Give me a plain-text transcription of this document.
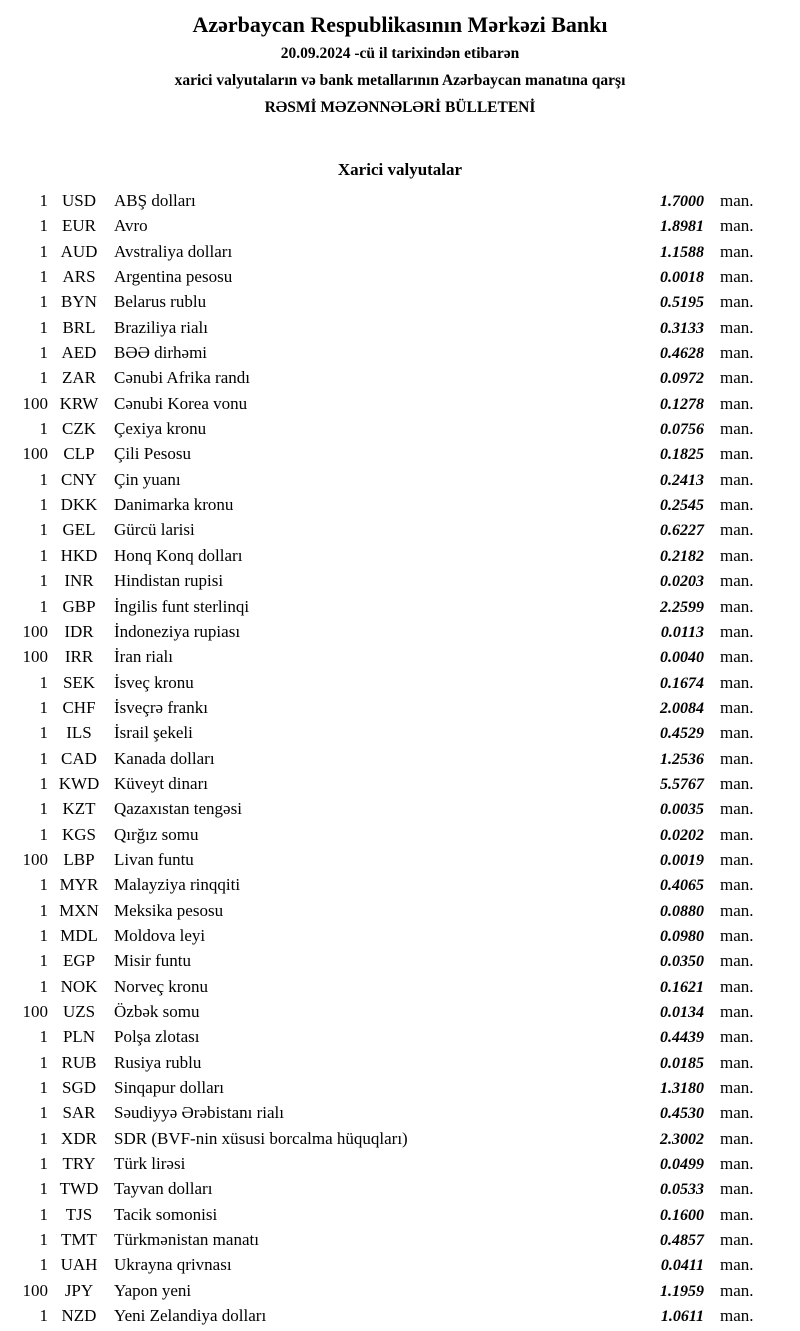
Azərbaycan Respublikasının Mərkəzi Bankı
20.09.2024 -cü il tarixindən etibarən
xarici valyutaların və bank metallarının Azərbaycan manatına qarşı
RƏSMİ MƏZƏNNƏLƏRİ BÜLLETENİ
Xarici valyutalar
1 USD	ABŞ dolları	1.7000 man.
1 EUR	Avro	1.8981 man.
1 AUD Avstraliya dolları	1.1588 man.
1 ARS	Argentina pesosu	0.0018 man.
1 BYN	Belarus rublu	0.5195 man.
1 BRL	Braziliya rialı	0.3133 man.
1 AED	BƏƏ dirhəmi	0.4628 man.
1 ZAR	Cənubi Afrika randı	0.0972 man.
100 KRW Cənubi Korea vonu	0.1278 man.
1 CZK	Çexiya kronu	0.0756 man.
100 CLP	Çili Pesosu	0.1825 man.
1 CNY	Çin yuanı	0.2413 man.
1 DKK Danimarka kronu	0.2545 man.
1 GEL	Gürcü larisi	0.6227 man.
1 HKD Honq Konq dolları	0.2182 man.
1 INR	Hindistan rupisi	0.0203 man.
1 GBP	İngilis funt sterlinqi	2.2599 man.
100 IDR	İndoneziya rupiası	0.0113 man.
100 IRR	İran rialı	0.0040 man.
1 SEK	İsveç kronu	0.1674 man.
1 CHF	İsveçrə frankı	2.0084 man.
1	ILS	İsrail şekeli	0.4529 man.
1 CAD	Kanada dolları	1.2536 man.
1 KWD Küveyt dinarı	5.5767 man.
1 KZT	Qazaxıstan tengəsi	0.0035 man.
1 KGS	Qırğız somu	0.0202 man.
100 LBP	Livan funtu	0.0019 man.
1 MYR Malayziya rinqqiti	0.4065 man.
1 MXN Meksika pesosu	0.0880 man.
1 MDL Moldova leyi	0.0980 man.
1 EGP	Misir funtu	0.0350 man.
1 NOK Norveç kronu	0.1621 man.
100 UZS	Özbək somu	0.0134 man.
1 PLN	Polşa zlotası	0.4439 man.
1 RUB	Rusiya rublu	0.0185 man.
1 SGD	Sinqapur dolları	1.3180 man.
1 SAR	Səudiyyə Ərəbistanı rialı	0.4530 man.
1 XDR	SDR (BVF-nin xüsusi borcalma hüquqları)	2.3002 man.
1 TRY	Türk lirəsi	0.0499 man.
1 TWD Tayvan dolları	0.0533 man.
1	TJS	Tacik somonisi	0.1600 man.
1 TMT	Türkmənistan manatı	0.4857 man.
1 UAH Ukrayna qrivnası	0.0411 man.
100 JPY	Yapon yeni	1.1959 man.
1 NZD	Yeni Zelandiya dolları	1.0611 man.
